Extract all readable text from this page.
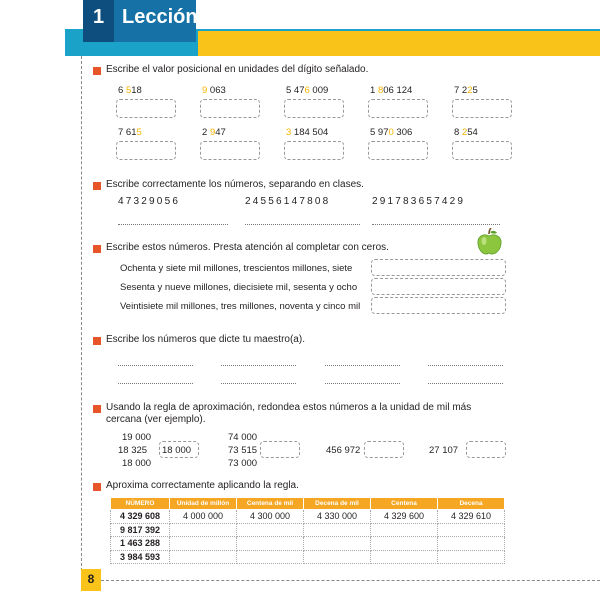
1 Lección
8
Escribe el valor posicional en unidades del dígito señalado.
6 518	9 063	5 476 009	1 806 124	7 225
7 615	2 947	3 184 504	5 970 306	8 254
Escribe correctamente los números, separando en clases.
47329056	24556147808	291783657429
Escribe estos números. Presta atención al completar con ceros.
Ochenta y siete mil millones, trescientos millones, siete
Sesenta y nueve millones, diecisiete mil, sesenta y ocho
Veintisiete mil millones, tres millones, noventa y cinco mil
Escribe los números que dicte tu maestro(a).
Usando la regla de aproximación, redondea estos números a la unidad de mil más
cercana (ver ejemplo).
19 000
18 325 18 000
18 000
74 000
73 515
73 000
456 972	27 107
Aproxima correctamente aplicando la regla.
NÚMERO	Unidad de millón	Centena de mil	Decena de mil	Centena	Decena
4 329 608	4 000 000	4 300 000	4 330 000	4 329 600	4 329 610
9 817 392					
1 463 288					
3 984 593					
